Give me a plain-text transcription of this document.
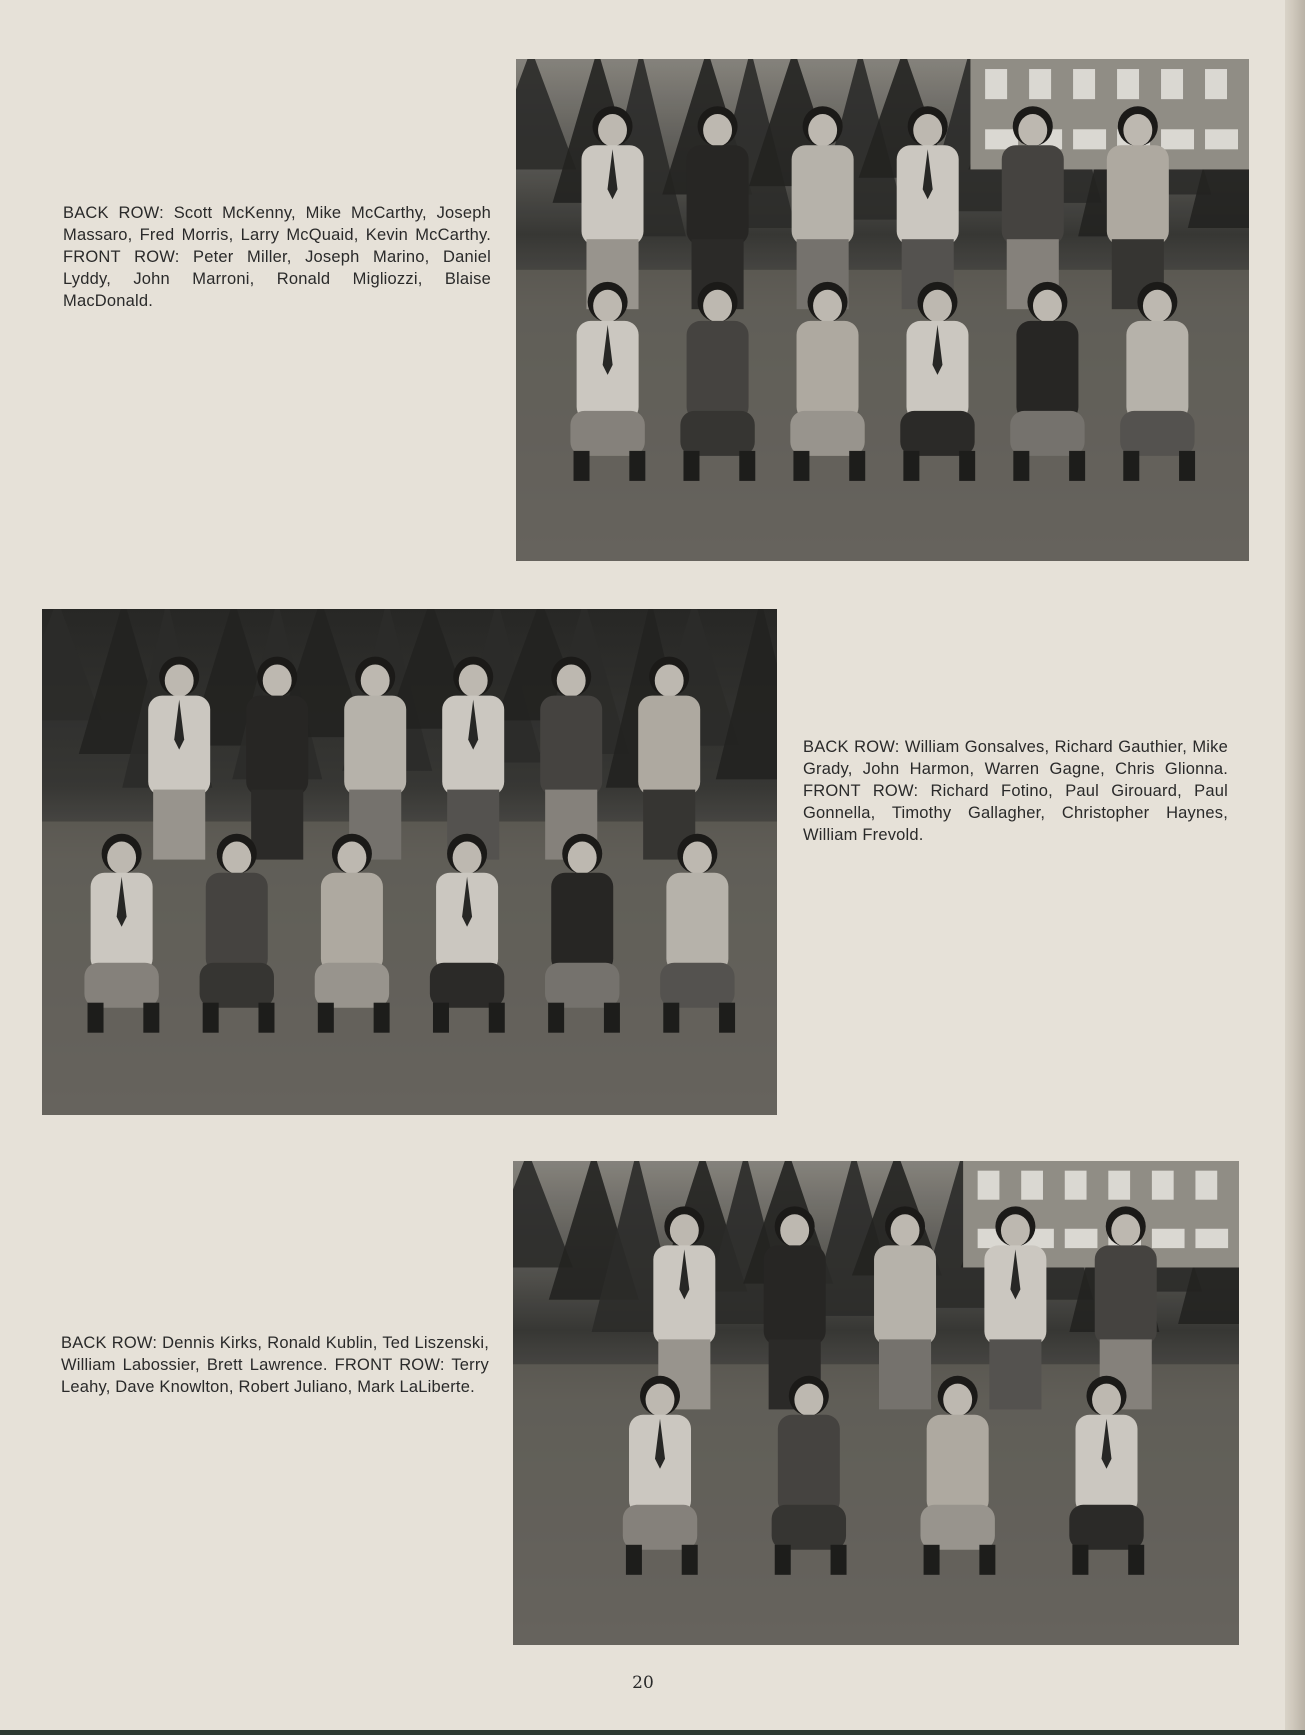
BACK ROW: Scott McKenny, Mike McCarthy, Joseph Massaro, Fred Morris, Larry McQuaid, Kevin McCarthy. FRONT ROW: Peter Miller, Joseph Marino, Daniel Lyddy, John Marroni, Ronald Migliozzi, Blaise MacDonald.
BACK ROW: William Gonsalves, Richard Gauthier, Mike Grady, John Harmon, Warren Gagne, Chris Glionna. FRONT ROW: Richard Fotino, Paul Girouard, Paul Gonnella, Timothy Gallagher, Christopher Haynes, William Frevold.
BACK ROW: Dennis Kirks, Ronald Kublin, Ted Liszenski, William Labossier, Brett Lawrence. FRONT ROW: Terry Leahy, Dave Knowlton, Robert Juliano, Mark LaLiberte.
20
